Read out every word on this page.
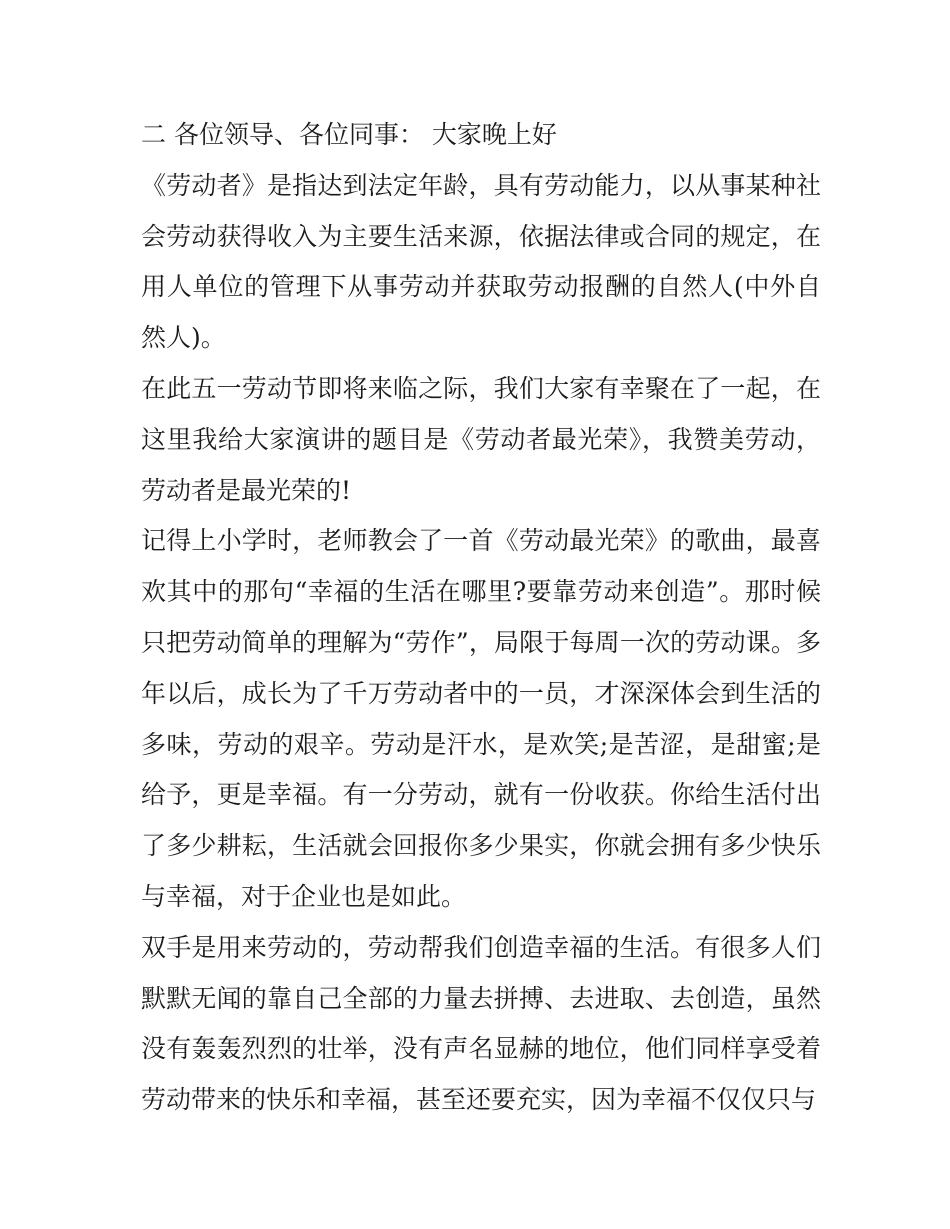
二 各位领导、各位同事： 大家晚上好

《劳动者》是指达到法定年龄，具有劳动能力，以从事某种社会劳动获得收入为主要生活来源，依据法律或合同的规定，在用人单位的管理下从事劳动并获取劳动报酬的自然人(中外自然人)。

在此五一劳动节即将来临之际，我们大家有幸聚在了一起，在这里我给大家演讲的题目是《劳动者最光荣》，我赞美劳动，劳动者是最光荣的!

记得上小学时，老师教会了一首《劳动最光荣》的歌曲，最喜欢其中的那句“幸福的生活在哪里?要靠劳动来创造”。那时候只把劳动简单的理解为“劳作”，局限于每周一次的劳动课。多年以后，成长为了千万劳动者中的一员，才深深体会到生活的多味，劳动的艰辛。劳动是汗水，是欢笑;是苦涩，是甜蜜;是给予，更是幸福。有一分劳动，就有一份收获。你给生活付出了多少耕耘，生活就会回报你多少果实，你就会拥有多少快乐与幸福，对于企业也是如此。

双手是用来劳动的，劳动帮我们创造幸福的生活。有很多人们默默无闻的靠自己全部的力量去拼搏、去进取、去创造，虽然没有轰轰烈烈的壮举，没有声名显赫的地位，他们同样享受着劳动带来的快乐和幸福，甚至还要充实，因为幸福不仅仅只与
